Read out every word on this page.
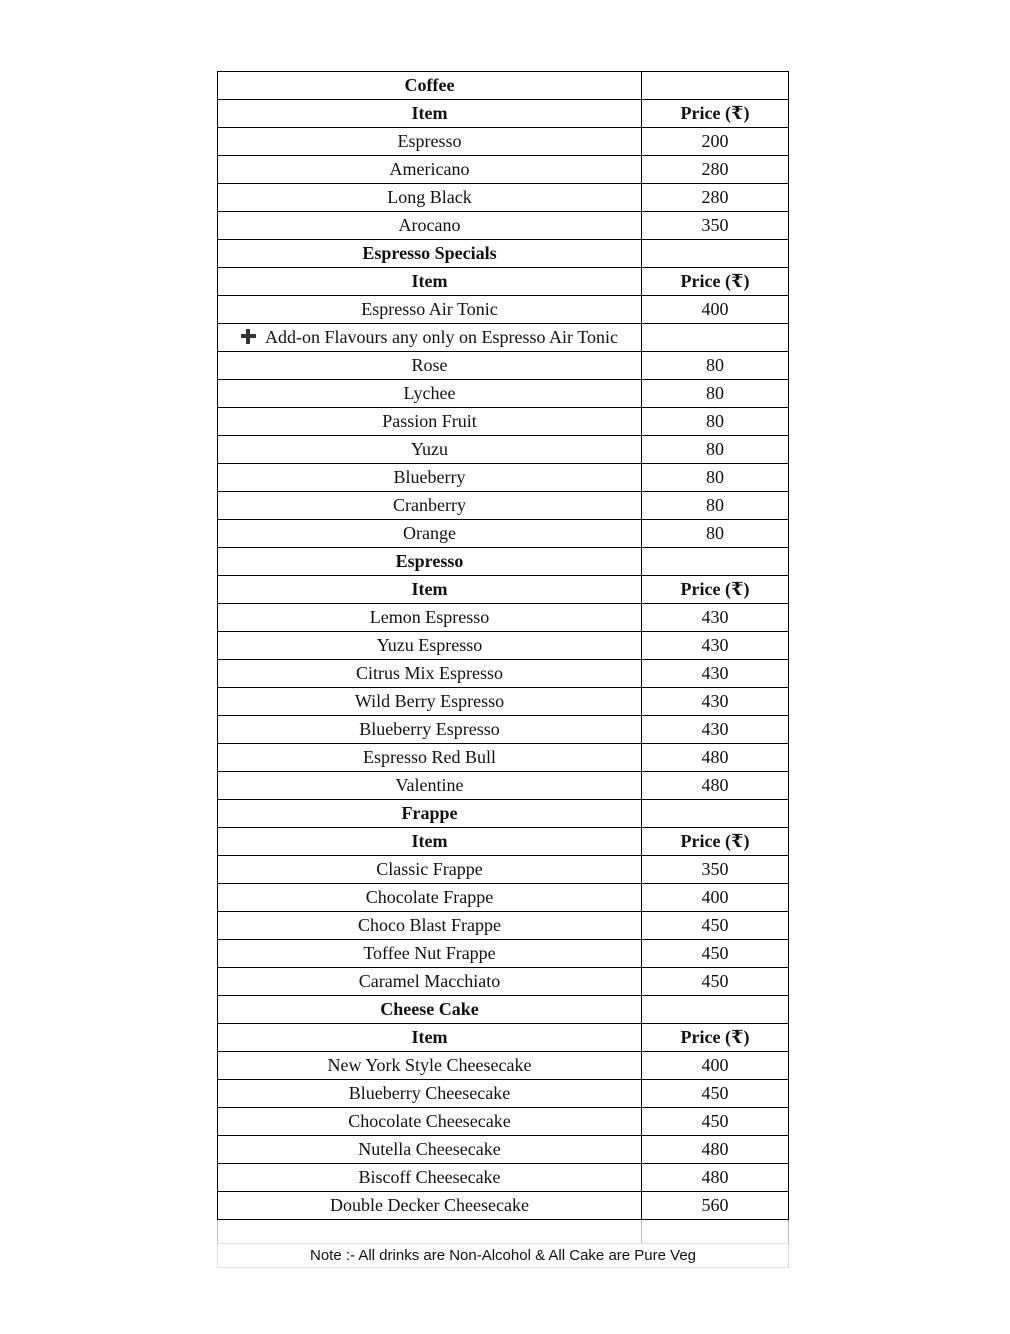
Coffee	
Item	Price (₹)
Espresso	200
Americano	280
Long Black	280
Arocano	350
Espresso Specials	
Item	Price (₹)
Espresso Air Tonic	400
Add-on Flavours any only on Espresso Air Tonic	
Rose	80
Lychee	80
Passion Fruit	80
Yuzu	80
Blueberry	80
Cranberry	80
Orange	80
Espresso	
Item	Price (₹)
Lemon Espresso	430
Yuzu Espresso	430
Citrus Mix Espresso	430
Wild Berry Espresso	430
Blueberry Espresso	430
Espresso Red Bull	480
Valentine	480
Frappe	
Item	Price (₹)
Classic Frappe	350
Chocolate Frappe	400
Choco Blast Frappe	450
Toffee Nut Frappe	450
Caramel Macchiato	450
Cheese Cake	
Item	Price (₹)
New York Style Cheesecake	400
Blueberry Cheesecake	450
Chocolate Cheesecake	450
Nutella Cheesecake	480
Biscoff Cheesecake	480
Double Decker Cheesecake	560

Note :- All drinks are Non-Alcohol & All Cake are Pure Veg	
